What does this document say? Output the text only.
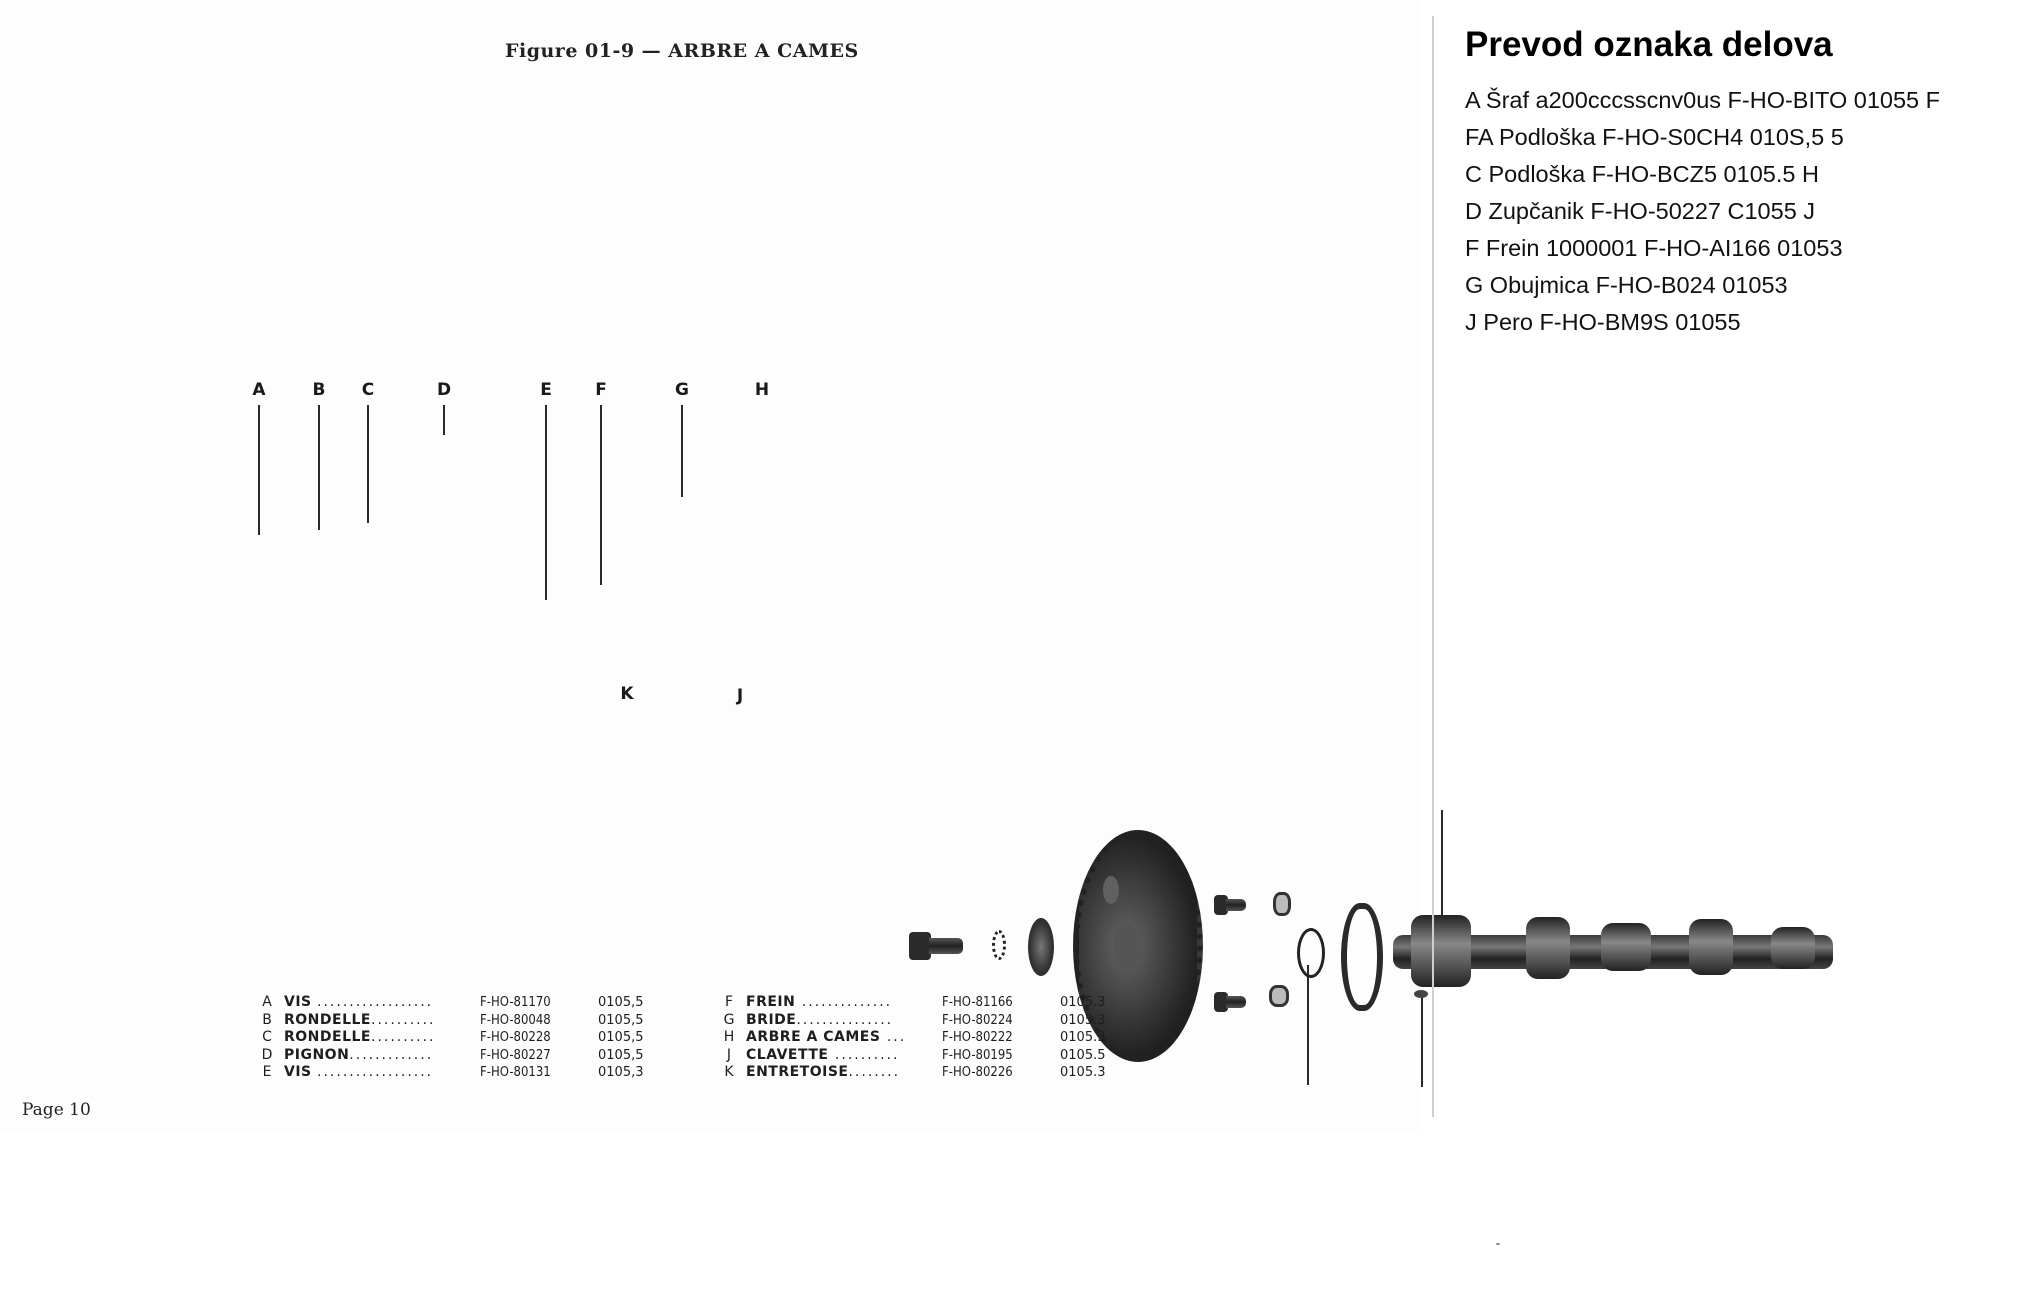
Figure 01-9 — ARBRE A CAMES
A	B C	D	E	F	G	H
K	J
A VIS ..................	F-HO-81170	0105,5
B RONDELLE..........	F-HO-80048	0105,5
C RONDELLE..........	F-HO-80228	0105,5
D PIGNON.............	F-HO-80227	0105,5
E VIS ..................	F-HO-80131	0105,3
F FREIN ..............	F-HO-81166	0105.3
G BRIDE...............	F-HO-80224	0105.3
H ARBRE A CAMES ...	F-HO-80222	0105.3
J	CLAVETTE ..........	F-HO-80195	0105.5
K ENTRETOISE........	F-HO-80226	0105.3
Page 10
Prevod oznaka delova
A Šraf a200cccsscnv0us F-HO-BITO 01055 F
FA Podloška F-HO-S0CH4 010S,5 5
C Podloška F-HO-BCZ5 0105.5 H
D Zupčanik F-HO-50227 C1055 J
F Frein 1000001 F-HO-AI166 01053
G Obujmica F-HO-B024 01053
J Pero F-HO-BM9S 01055
